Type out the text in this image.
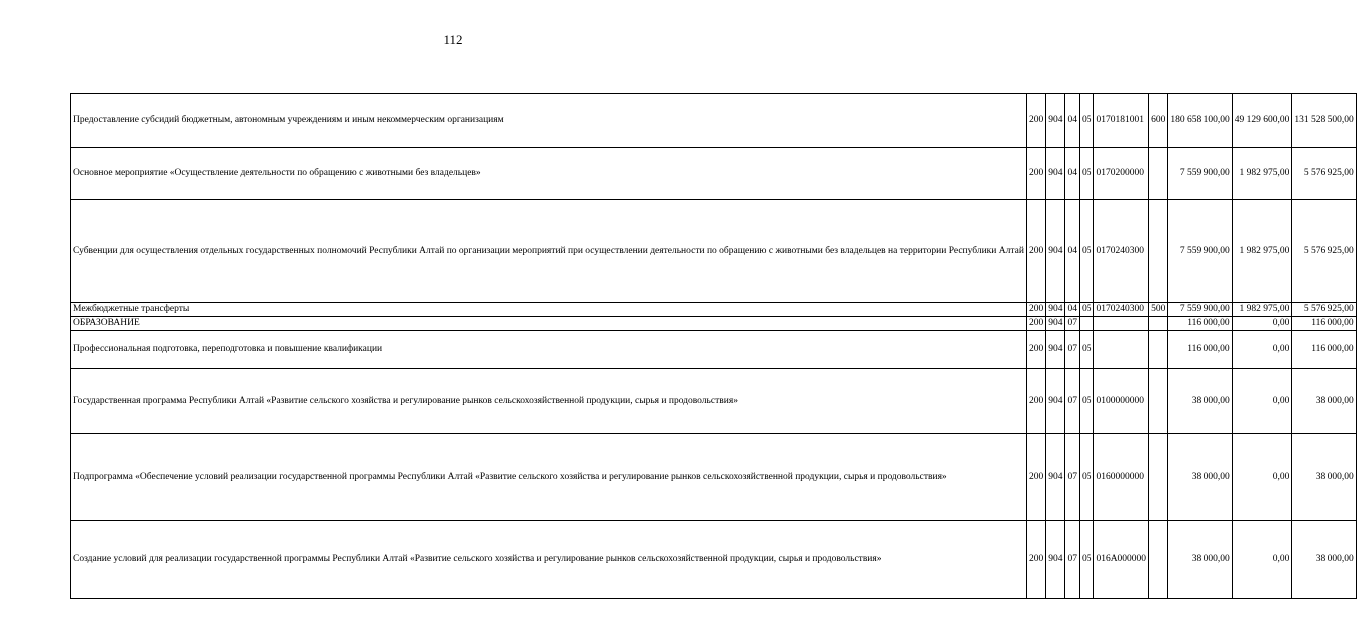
112
Предоставление субсидий бюджетным, автономным учреждениям и иным некоммерческим организациям	200	904	04	05	0170181001	600	180 658 100,00	49 129 600,00	131 528 500,00
Основное мероприятие «Осуществление деятельности по обращению с животными без владельцев»	200	904	04	05	0170200000		7 559 900,00	1 982 975,00	5 576 925,00
Субвенции для осуществления отдельных государственных полномочий Республики Алтай по организации мероприятий при осуществлении деятельности по обращению с животными без владельцев на территории Республики Алтай	200	904	04	05	0170240300		7 559 900,00	1 982 975,00	5 576 925,00
Межбюджетные трансферты	200	904	04	05	0170240300	500	7 559 900,00	1 982 975,00	5 576 925,00
ОБРАЗОВАНИЕ	200	904	07				116 000,00	0,00	116 000,00
Профессиональная подготовка, переподготовка и повышение квалификации	200	904	07	05			116 000,00	0,00	116 000,00
Государственная программа Республики Алтай «Развитие сельского хозяйства и регулирование рынков сельскохозяйственной продукции, сырья и продовольствия»	200	904	07	05	0100000000		38 000,00	0,00	38 000,00
Подпрограмма «Обеспечение условий реализации государственной программы Республики Алтай «Развитие сельского хозяйства и регулирование рынков сельскохозяйственной продукции, сырья и продовольствия»	200	904	07	05	0160000000		38 000,00	0,00	38 000,00
Создание условий для реализации государственной программы Республики Алтай «Развитие сельского хозяйства и регулирование рынков сельскохозяйственной продукции, сырья и продовольствия»	200	904	07	05	016А000000		38 000,00	0,00	38 000,00
